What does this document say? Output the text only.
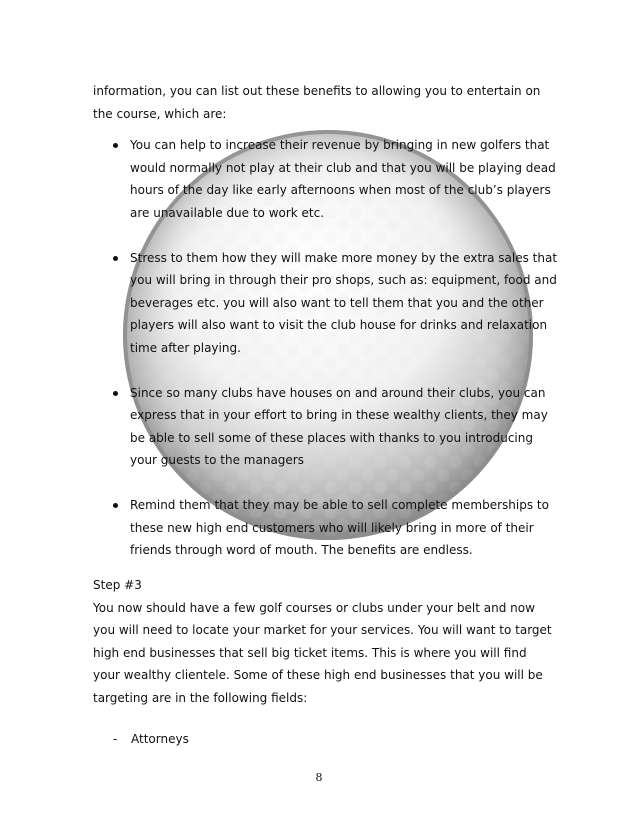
information, you can list out these benefits to allowing you to entertain on the course, which are:

You can help to increase their revenue by bringing in new golfers that would normally not play at their club and that you will be playing dead hours of the day like early afternoons when most of the club’s players are unavailable due to work etc.
Stress to them how they will make more money by the extra sales that you will bring in through their pro shops, such as: equipment, food and beverages etc. you will also want to tell them that you and the other players will also want to visit the club house for drinks and relaxation time after playing.
Since so many clubs have houses on and around their clubs, you can express that in your effort to bring in these wealthy clients, they may be able to sell some of these places with thanks to you introducing your guests to the managers
Remind them that they may be able to sell complete memberships to these new high end customers who will likely bring in more of their friends through word of mouth. The benefits are endless.
Step #3
You now should have a few golf courses or clubs under your belt and now you will need to locate your market for your services. You will want to target high end businesses that sell big ticket items. This is where you will find your wealthy clientele. Some of these high end businesses that you will be targeting are in the following fields:
- Attorneys
8
